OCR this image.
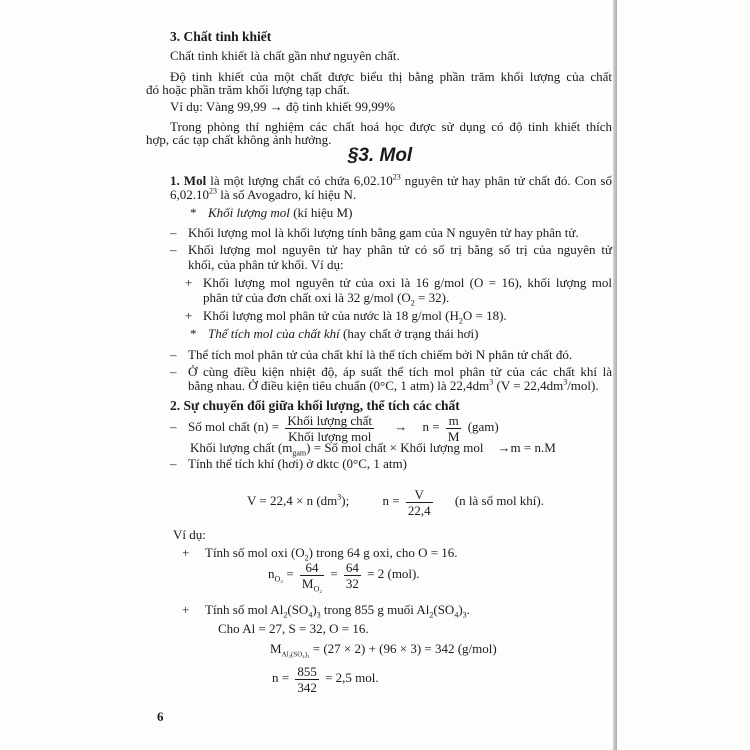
3. Chất tinh khiết
Chất tinh khiết là chất gần như nguyên chất.
Độ tinh khiết của một chất được biểu thị bằng phần trăm khối lượng của chất
đó hoặc phần trăm khối lượng tạp chất.
Ví dụ: Vàng 99,99 → độ tinh khiết 99,99%
Trong phòng thí nghiệm các chất hoá học được sử dụng có độ tinh khiết thích
hợp, các tạp chất không ảnh hưởng.
§3. Mol
1. Mol là một lượng chất có chứa 6,02.10$^{23}$ nguyên tử hay phân tử chất đó. Con số
6,02.10$^{23}$ là số Avogadro, kí hiệu N.
* Khối lượng mol (kí hiệu M)
– Khối lượng mol là khối lượng tính bằng gam của N nguyên tử hay phân tử.
– Khối lượng mol nguyên tử hay phân tử có số trị bằng số trị của nguyên tử
khối, của phân tử khối. Ví dụ:
+ Khối lượng mol nguyên tử của oxi là 16 g/mol (O = 16), khối lượng mol
phân tử của đơn chất oxi là 32 g/mol $(O_2 = 32)$.
+ Khối lượng mol phân tử của nước là 18 g/mol $(H_2O = 18)$.
* Thể tích mol của chất khí (hay chất ở trạng thái hơi)
– Thể tích mol phân tử của chất khí là thể tích chiếm bởi N phân tử chất đó.
– Ở cùng điều kiện nhiệt độ, áp suất thể tích mol phân tử của các chất khí là
bằng nhau. Ở điều kiện tiêu chuẩn (0°C, 1 atm) là $22,4dm^3$ $(V = 22,4dm^3/mol)$.
2. Sự chuyển đổi giữa khối lượng, thể tích các chất
– Số mol chất $(n) = \frac{\text{Khối lượng chất}}{\text{Khối lượng mol}} \to n = \frac{m}{M} (gam)$
Khối lượng chất $(m_{gam})$ = Số mol chất × Khối lượng mol →m = n.M
– Tính thể tích khí (hơi) ở dktc (0°C, 1 atm)
V = 22,4 × n $(dm^3)$;	$n = \frac{V}{22,4} (n$ là số mol khí).
Ví dụ:
+ Tính số mol oxi $(O_2)$ trong 64 g oxi, cho O = 16.
$n_{O_2} = \frac{64}{M_{O_2}} = \frac{64}{32} = 2$ (mol).
+ Tính số mol $Al_2(SO_4)_3$ trong 855 g muối $Al_2(SO_4)_3$.
Cho Al = 27, S = 32, O = 16.
$M_{Al_2(SO_4)_3} = (27 \times 2) + (96 \times 3) = 342$ (g/mol)
$n = \frac{855}{342} = 2,5$ mol.
6
